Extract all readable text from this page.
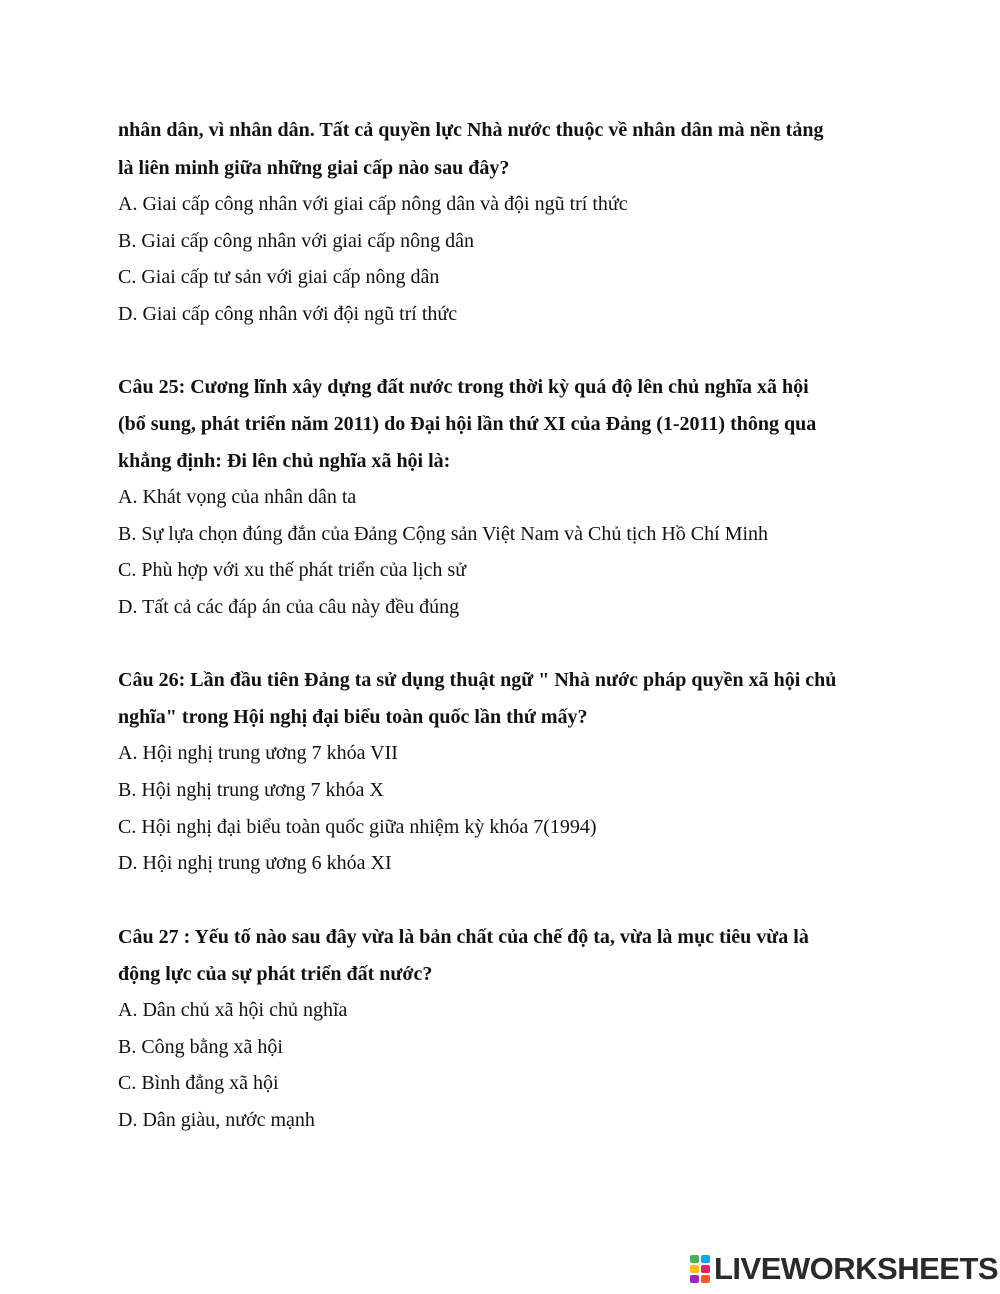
nhân dân, vì nhân dân. Tất cả quyền lực Nhà nước thuộc về nhân dân mà nền tảng
là liên minh giữa những giai cấp nào sau đây?
A. Giai cấp công nhân với giai cấp nông dân và đội ngũ trí thức
B. Giai cấp công nhân với giai cấp nông dân
C. Giai cấp tư sản với giai cấp nông dân
D. Giai cấp công nhân với đội ngũ trí thức
Câu 25: Cương lĩnh xây dựng đất nước trong thời kỳ quá độ lên chủ nghĩa xã hội
(bổ sung, phát triển năm 2011) do Đại hội lần thứ XI của Đảng (1-2011) thông qua
khẳng định: Đi lên chủ nghĩa xã hội là:
A. Khát vọng của nhân dân ta
B. Sự lựa chọn đúng đắn của Đảng Cộng sản Việt Nam và Chủ tịch Hồ Chí Minh
C. Phù hợp với xu thế phát triển của lịch sử
D. Tất cả các đáp án của câu này đều đúng
Câu 26: Lần đầu tiên Đảng ta sử dụng thuật ngữ " Nhà nước pháp quyền xã hội chủ
nghĩa" trong Hội nghị đại biểu toàn quốc lần thứ mấy?
A. Hội nghị trung ương 7 khóa VII
B. Hội nghị trung ương 7 khóa X
C. Hội nghị đại biểu toàn quốc giữa nhiệm kỳ khóa 7(1994)
D. Hội nghị trung ương 6 khóa XI
Câu 27 : Yếu tố nào sau đây vừa là bản chất của chế độ ta, vừa là mục tiêu vừa là
động lực của sự phát triển đất nước?
A. Dân chủ xã hội chủ nghĩa
B. Công bằng xã hội
C. Bình đẳng xã hội
D. Dân giàu, nước mạnh
LIVEWORKSHEETS
